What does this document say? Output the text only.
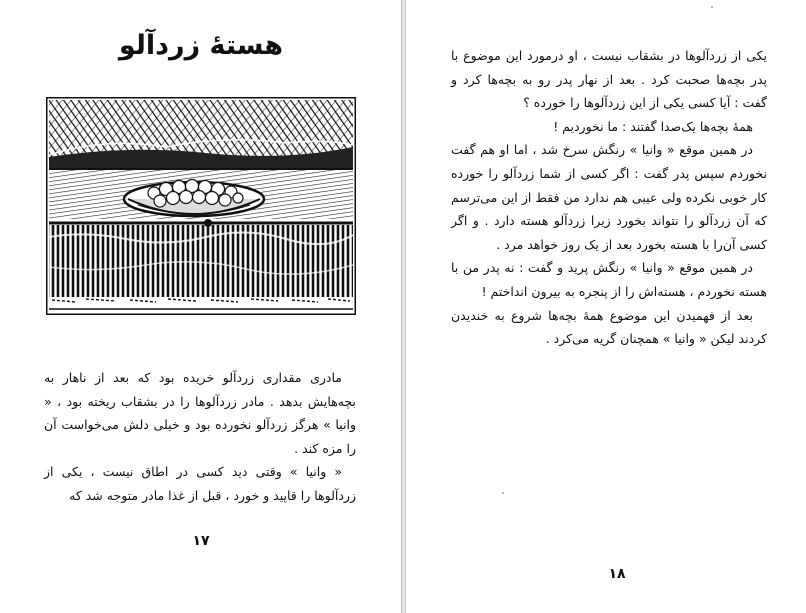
هستهٔ زردآلو

مادری مقداری زردآلو خریده بود که بعد از ناهار به بچه‌هایش بدهد . مادر زردآلوها را در بشقاب ریخته بود ، « وانیا » هرگز زردآلو نخورده بود و خیلی دلش می‌خواست آن را مزه کند .

« وانیا » وقتی دید کسی در اطاق نیست ، یکی از زردآلوها را قاپید و خورد ، قبل از غذا مادر متوجه شد که

۱۷

یکی از زردآلوها در بشقاب نیست ، او درمورد این موضوع با پدر بچه‌ها صحبت کرد . بعد از نهار پدر رو به بچه‌ها کرد و گفت : آیا کسی یکی از این زردآلوها را خورده ؟

همهٔ بچه‌ها یک‌صدا گفتند : ما نخوردیم !

در همین موقع « وانیا » رنگش سرخ شد ، اما او هم گفت نخوردم سپس پدر گفت : اگر کسی از شما زردآلو را خورده کار خوبی نکرده ولی عیبی هم ندارد من فقط از این می‌ترسم که آن زردآلو را نتواند بخورد زیرا زردآلو هسته دارد . و اگر کسی آن‌را با هسته بخورد بعد از یک روز خواهد مرد .

در همین موقع « وانیا » رنگش پرید و گفت : نه پدر من با هسته نخوردم ، هسته‌اش را از پنجره به بیرون انداختم !

بعد از فهمیدن این موضوع همهٔ بچه‌ها شروع به خندیدن کردند لیکن « وانیا » همچنان گریه می‌کرد .

۱۸
